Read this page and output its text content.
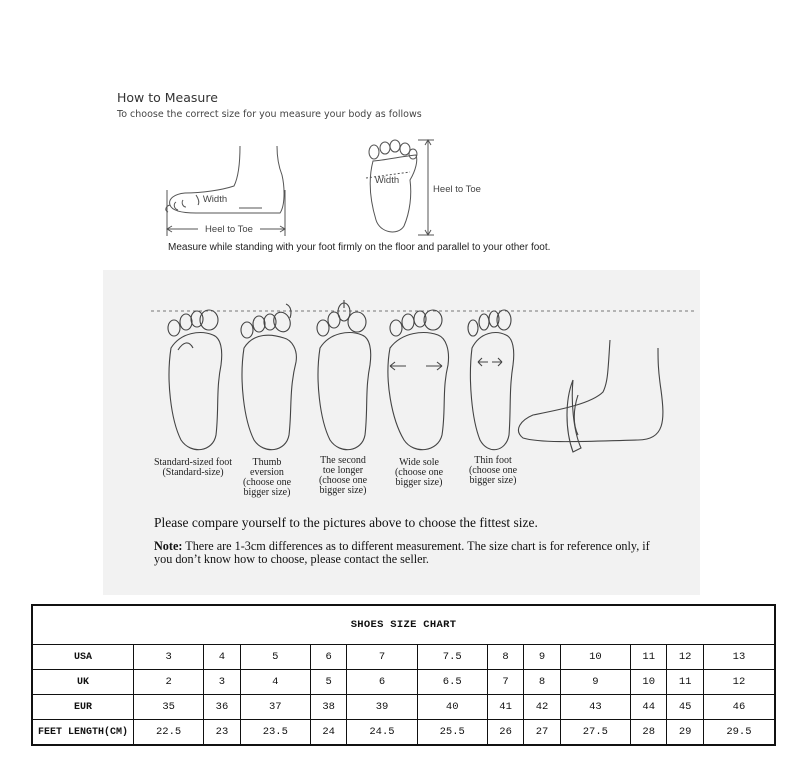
How to Measure
To choose the correct size for you measure your body as follows
Width
Heel to Toe
Width
Heel to Toe
Measure while standing with your foot firmly on the floor and parallel to your other foot.
Standard-sized foot
(Standard-size)
Thumb
eversion
(choose one
bigger size)
The second
toe longer
(choose one
bigger size)
Wide sole
(choose one
bigger size)
Thin foot
(choose one
bigger size)
Please compare yourself to the pictures above to choose the fittest size.
Note: There are 1-3cm differences as to different measurement. The size chart is for reference only, if you don’t know how to choose, please contact the seller.
SHOES SIZE CHART												
USA	3	4	5	6	7	7.5	8	9	10	11	12	13
UK	2	3	4	5	6	6.5	7	8	9	10	11	12
EUR	35	36	37	38	39	40	41	42	43	44	45	46
FEET LENGTH(CM)	22.5	23	23.5	24	24.5	25.5	26	27	27.5	28	29	29.5
